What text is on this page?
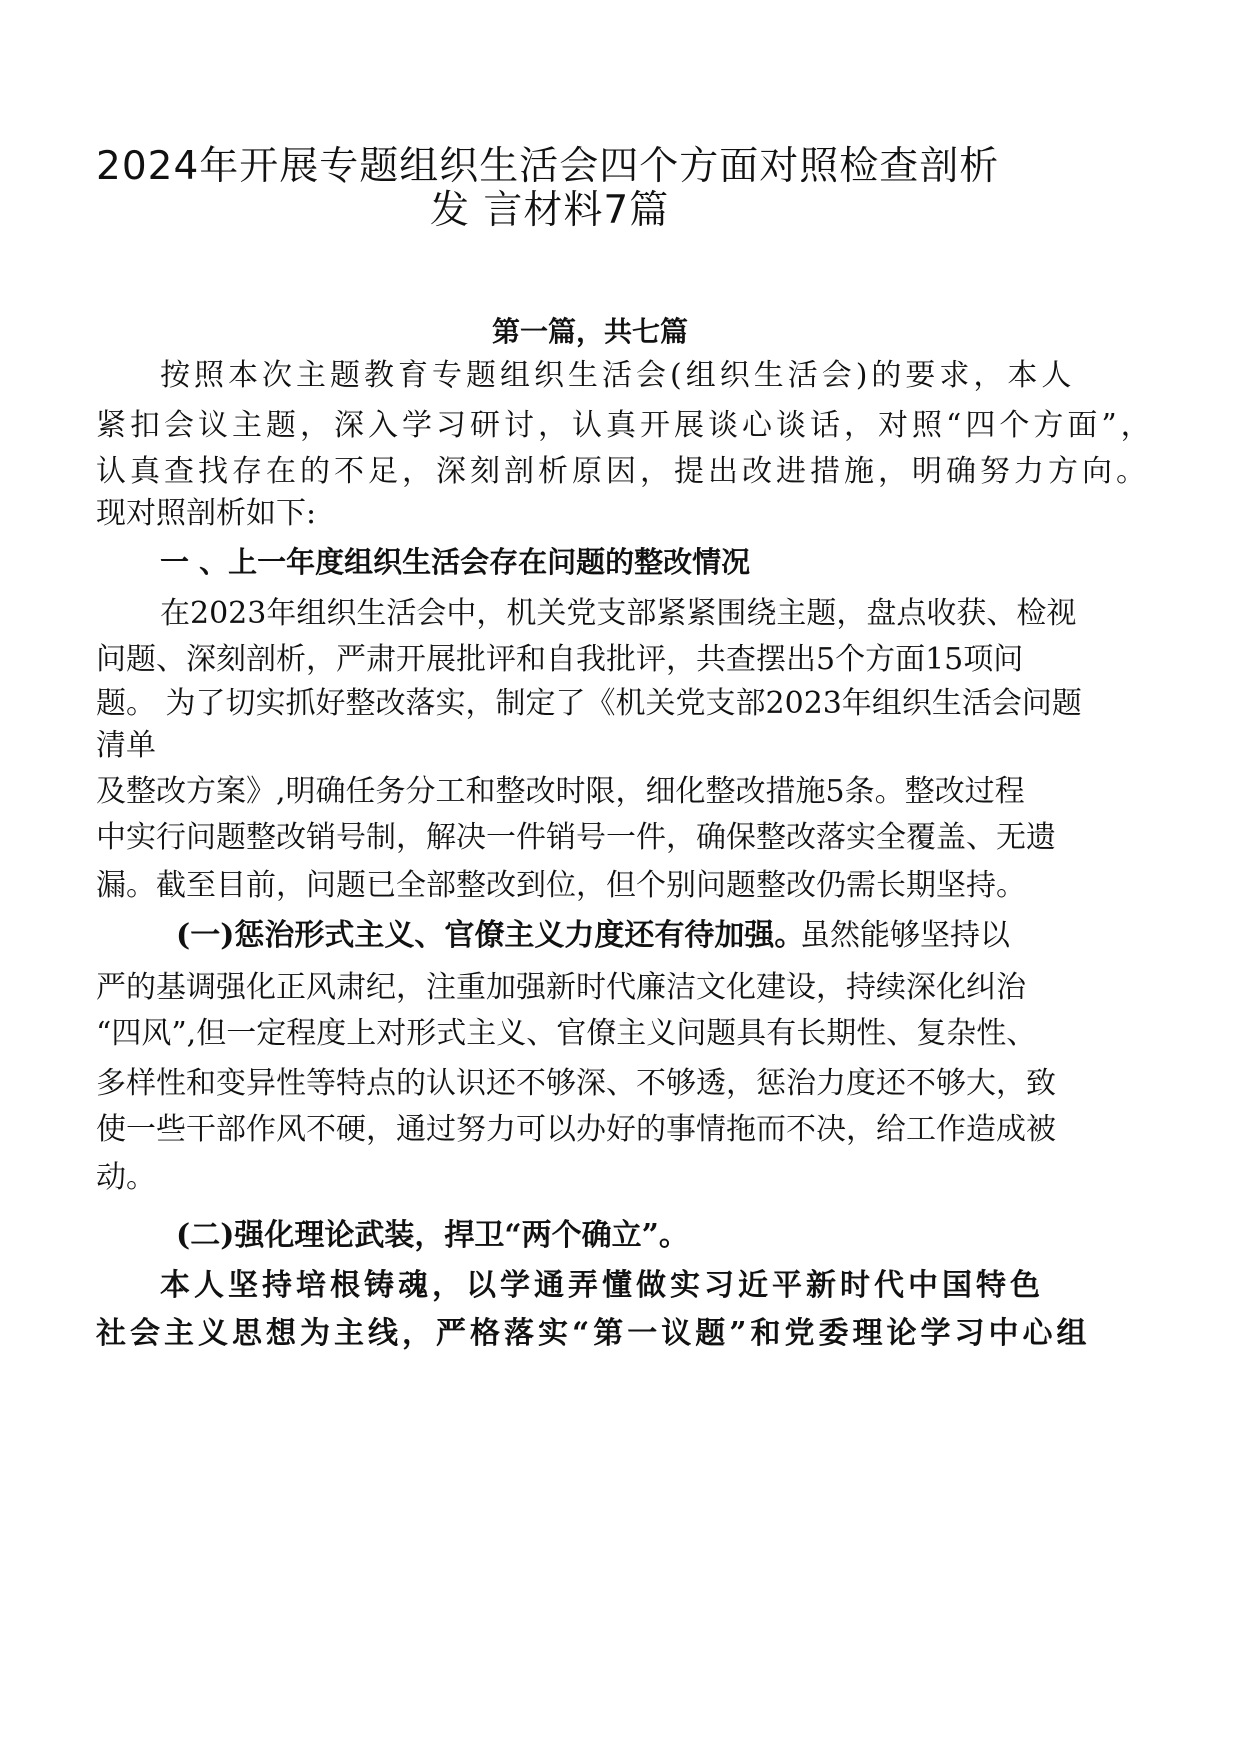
2024年开展专题组织生活会四个方面对照检查剖析
发 言材料7篇
第一篇，共七篇
按照本次主题教育专题组织生活会(组织生活会)的要求，本人
紧扣会议主题，深入学习研讨，认真开展谈心谈话，对照“四个方面”，
认真查找存在的不足，深刻剖析原因，提出改进措施，明确努力方向。
现对照剖析如下:
一 、上一年度组织生活会存在问题的整改情况
在2023年组织生活会中，机关党支部紧紧围绕主题，盘点收获、检视
问题、深刻剖析，严肃开展批评和自我批评，共查摆出5个方面15项问
题。 为了切实抓好整改落实，制定了《机关党支部2023年组织生活会问题
清单
及整改方案》,明确任务分工和整改时限，细化整改措施5条。整改过程
中实行问题整改销号制，解决一件销号一件，确保整改落实全覆盖、无遗
漏。截至目前，问题已全部整改到位，但个别问题整改仍需长期坚持。
(一)惩治形式主义、官僚主义力度还有待加强。
虽然能够坚持以
严的基调强化正风肃纪，注重加强新时代廉洁文化建设，持续深化纠治
“四风”,但一定程度上对形式主义、官僚主义问题具有长期性、复杂性、
多样性和变异性等特点的认识还不够深、不够透，惩治力度还不够大，致
使一些干部作风不硬，通过努力可以办好的事情拖而不决，给工作造成被
动。
(二)强化理论武装，捍卫“两个确立”。
本人坚持培根铸魂，以学通弄懂做实习近平新时代中国特色
社会主义思想为主线，严格落实“第一议题”和党委理论学习中心组
